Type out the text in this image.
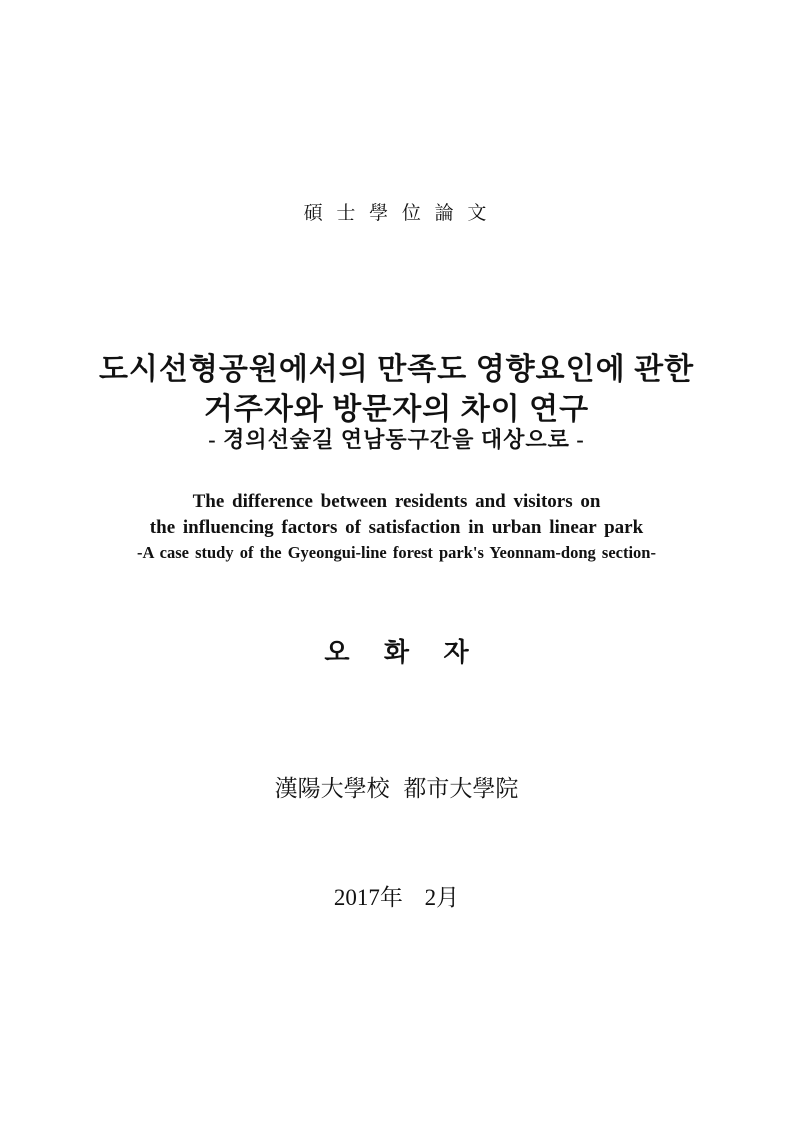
碩 士 學 位 論 文
도시선형공원에서의 만족도 영향요인에 관한
거주자와 방문자의 차이 연구
- 경의선숲길 연남동구간을 대상으로 -
The difference between residents and visitors on
the influencing factors of satisfaction in urban linear park
-A case study of the Gyeongui-line forest park's Yeonnam-dong section-
오 화 자
漢陽大學校 都市大學院
2017年 2月
